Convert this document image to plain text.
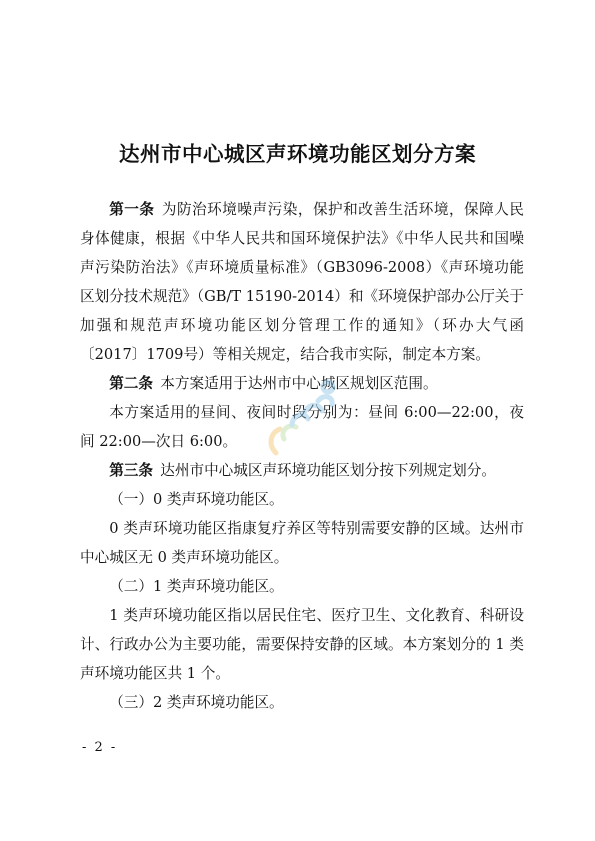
达州市中心城区声环境功能区划分方案

第一条 为防治环境噪声污染，保护和改善生活环境，保障人民身体健康，根据《中华人民共和国环境保护法》《中华人民共和国噪声污染防治法》《声环境质量标准》（GB3096-2008）《声环境功能区划分技术规范》（GB/T 15190-2014）和《环境保护部办公厅关于加强和规范声环境功能区划分管理工作的通知》（环办大气函〔2017〕1709号）等相关规定，结合我市实际，制定本方案。

第二条 本方案适用于达州市中心城区规划区范围。

本方案适用的昼间、夜间时段分别为：昼间 6:00—22:00，夜间 22:00—次日 6:00。

第三条 达州市中心城区声环境功能区划分按下列规定划分。

（一）0 类声环境功能区。

0 类声环境功能区指康复疗养区等特别需要安静的区域。达州市中心城区无 0 类声环境功能区。

（二）1 类声环境功能区。

1 类声环境功能区指以居民住宅、医疗卫生、文化教育、科研设计、行政办公为主要功能，需要保持安静的区域。本方案划分的 1 类声环境功能区共 1 个。

（三）2 类声环境功能区。

- 2 -
